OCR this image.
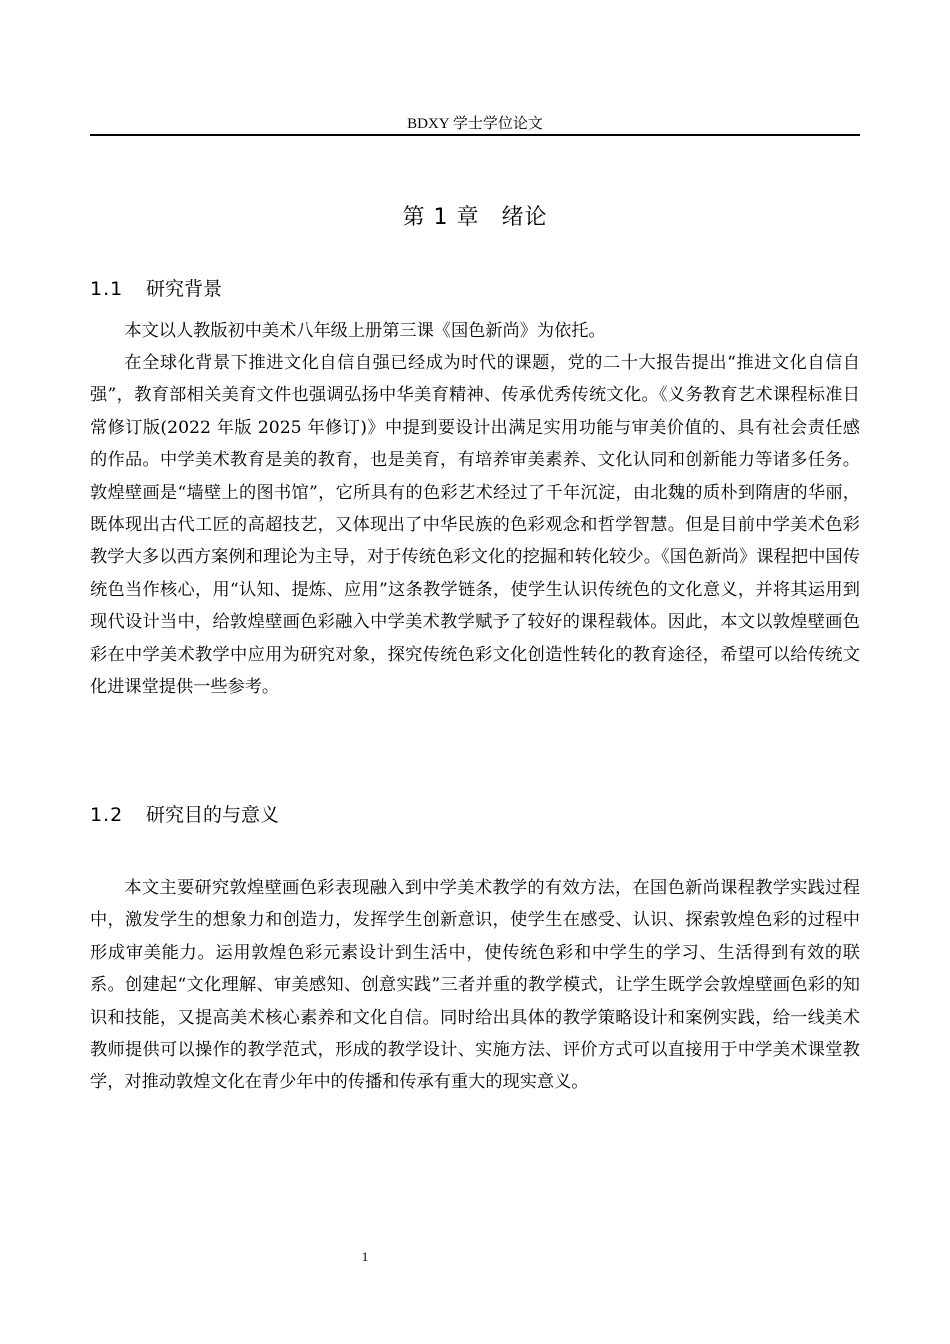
BDXY 学士学位论文
第 1 章 绪论
1.1 研究背景

本文以人教版初中美术八年级上册第三课《国色新尚》为依托。

在全球化背景下推进文化自信自强已经成为时代的课题，党的二十大报告提出“推进文化自信自强”，教育部相关美育文件也强调弘扬中华美育精神、传承优秀传统文化。《义务教育艺术课程标准日常修订版(2022 年版 2025 年修订)》中提到要设计出满足实用功能与审美价值的、具有社会责任感的作品。中学美术教育是美的教育，也是美育，有培养审美素养、文化认同和创新能力等诸多任务。敦煌壁画是“墙壁上的图书馆”，它所具有的色彩艺术经过了千年沉淀，由北魏的质朴到隋唐的华丽，既体现出古代工匠的高超技艺，又体现出了中华民族的色彩观念和哲学智慧。但是目前中学美术色彩教学大多以西方案例和理论为主导，对于传统色彩文化的挖掘和转化较少。《国色新尚》课程把中国传统色当作核心，用“认知、提炼、应用”这条教学链条，使学生认识传统色的文化意义，并将其运用到现代设计当中，给敦煌壁画色彩融入中学美术教学赋予了较好的课程载体。因此，本文以敦煌壁画色彩在中学美术教学中应用为研究对象，探究传统色彩文化创造性转化的教育途径，希望可以给传统文化进课堂提供一些参考。

1.2 研究目的与意义

本文主要研究敦煌壁画色彩表现融入到中学美术教学的有效方法，在国色新尚课程教学实践过程中，激发学生的想象力和创造力，发挥学生创新意识，使学生在感受、认识、探索敦煌色彩的过程中形成审美能力。运用敦煌色彩元素设计到生活中，使传统色彩和中学生的学习、生活得到有效的联系。创建起“文化理解、审美感知、创意实践”三者并重的教学模式，让学生既学会敦煌壁画色彩的知识和技能，又提高美术核心素养和文化自信。同时给出具体的教学策略设计和案例实践，给一线美术教师提供可以操作的教学范式，形成的教学设计、实施方法、评价方式可以直接用于中学美术课堂教学，对推动敦煌文化在青少年中的传播和传承有重大的现实意义。

1
